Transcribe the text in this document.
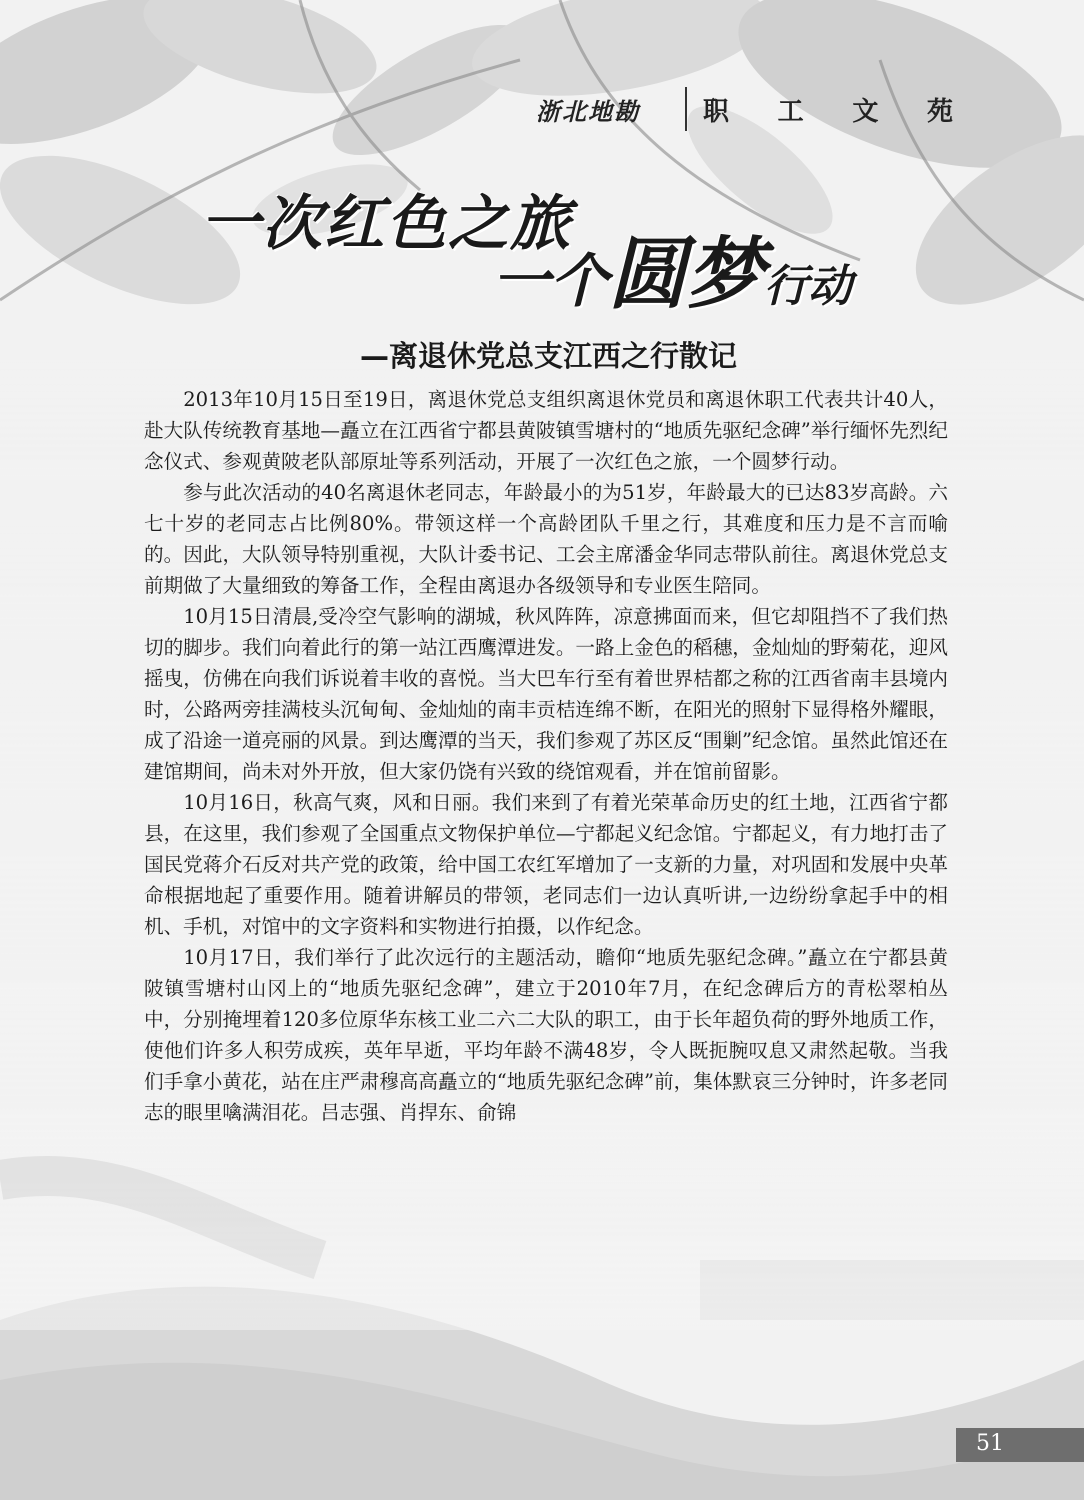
浙北地勘	职 工 文 苑
一次红色之旅
一个圆梦行动
—离退休党总支江西之行散记

2013年10月15日至19日，离退休党总支组织离退休党员和离退休职工代表共计40人，赴大队传统教育基地—矗立在江西省宁都县黄陂镇雪塘村的“地质先驱纪念碑”举行缅怀先烈纪念仪式、参观黄陂老队部原址等系列活动，开展了一次红色之旅，一个圆梦行动。

参与此次活动的40名离退休老同志，年龄最小的为51岁，年龄最大的已达83岁高龄。六七十岁的老同志占比例80%。带领这样一个高龄团队千里之行，其难度和压力是不言而喻的。因此，大队领导特别重视，大队计委书记、工会主席潘金华同志带队前往。离退休党总支前期做了大量细致的筹备工作，全程由离退办各级领导和专业医生陪同。

10月15日清晨,受冷空气影响的湖城，秋风阵阵，凉意拂面而来，但它却阻挡不了我们热切的脚步。我们向着此行的第一站江西鹰潭进发。一路上金色的稻穗，金灿灿的野菊花，迎风摇曳，仿佛在向我们诉说着丰收的喜悦。当大巴车行至有着世界桔都之称的江西省南丰县境内时，公路两旁挂满枝头沉甸甸、金灿灿的南丰贡桔连绵不断，在阳光的照射下显得格外耀眼，成了沿途一道亮丽的风景。到达鹰潭的当天，我们参观了苏区反“围剿”纪念馆。虽然此馆还在建馆期间，尚未对外开放，但大家仍饶有兴致的绕馆观看，并在馆前留影。

10月16日，秋高气爽，风和日丽。我们来到了有着光荣革命历史的红土地，江西省宁都县，在这里，我们参观了全国重点文物保护单位—宁都起义纪念馆。宁都起义，有力地打击了国民党蒋介石反对共产党的政策，给中国工农红军增加了一支新的力量，对巩固和发展中央革命根据地起了重要作用。随着讲解员的带领，老同志们一边认真听讲,一边纷纷拿起手中的相机、手机，对馆中的文字资料和实物进行拍摄，以作纪念。

10月17日，我们举行了此次远行的主题活动，瞻仰“地质先驱纪念碑。”矗立在宁都县黄陂镇雪塘村山冈上的“地质先驱纪念碑”，建立于2010年7月，在纪念碑后方的青松翠柏丛中，分别掩埋着120多位原华东核工业二六二大队的职工，由于长年超负荷的野外地质工作，使他们许多人积劳成疾，英年早逝，平均年龄不满48岁，令人既扼腕叹息又肃然起敬。当我们手拿小黄花，站在庄严肃穆高高矗立的“地质先驱纪念碑”前，集体默哀三分钟时，许多老同志的眼里噙满泪花。吕志强、肖捍东、俞锦

51
